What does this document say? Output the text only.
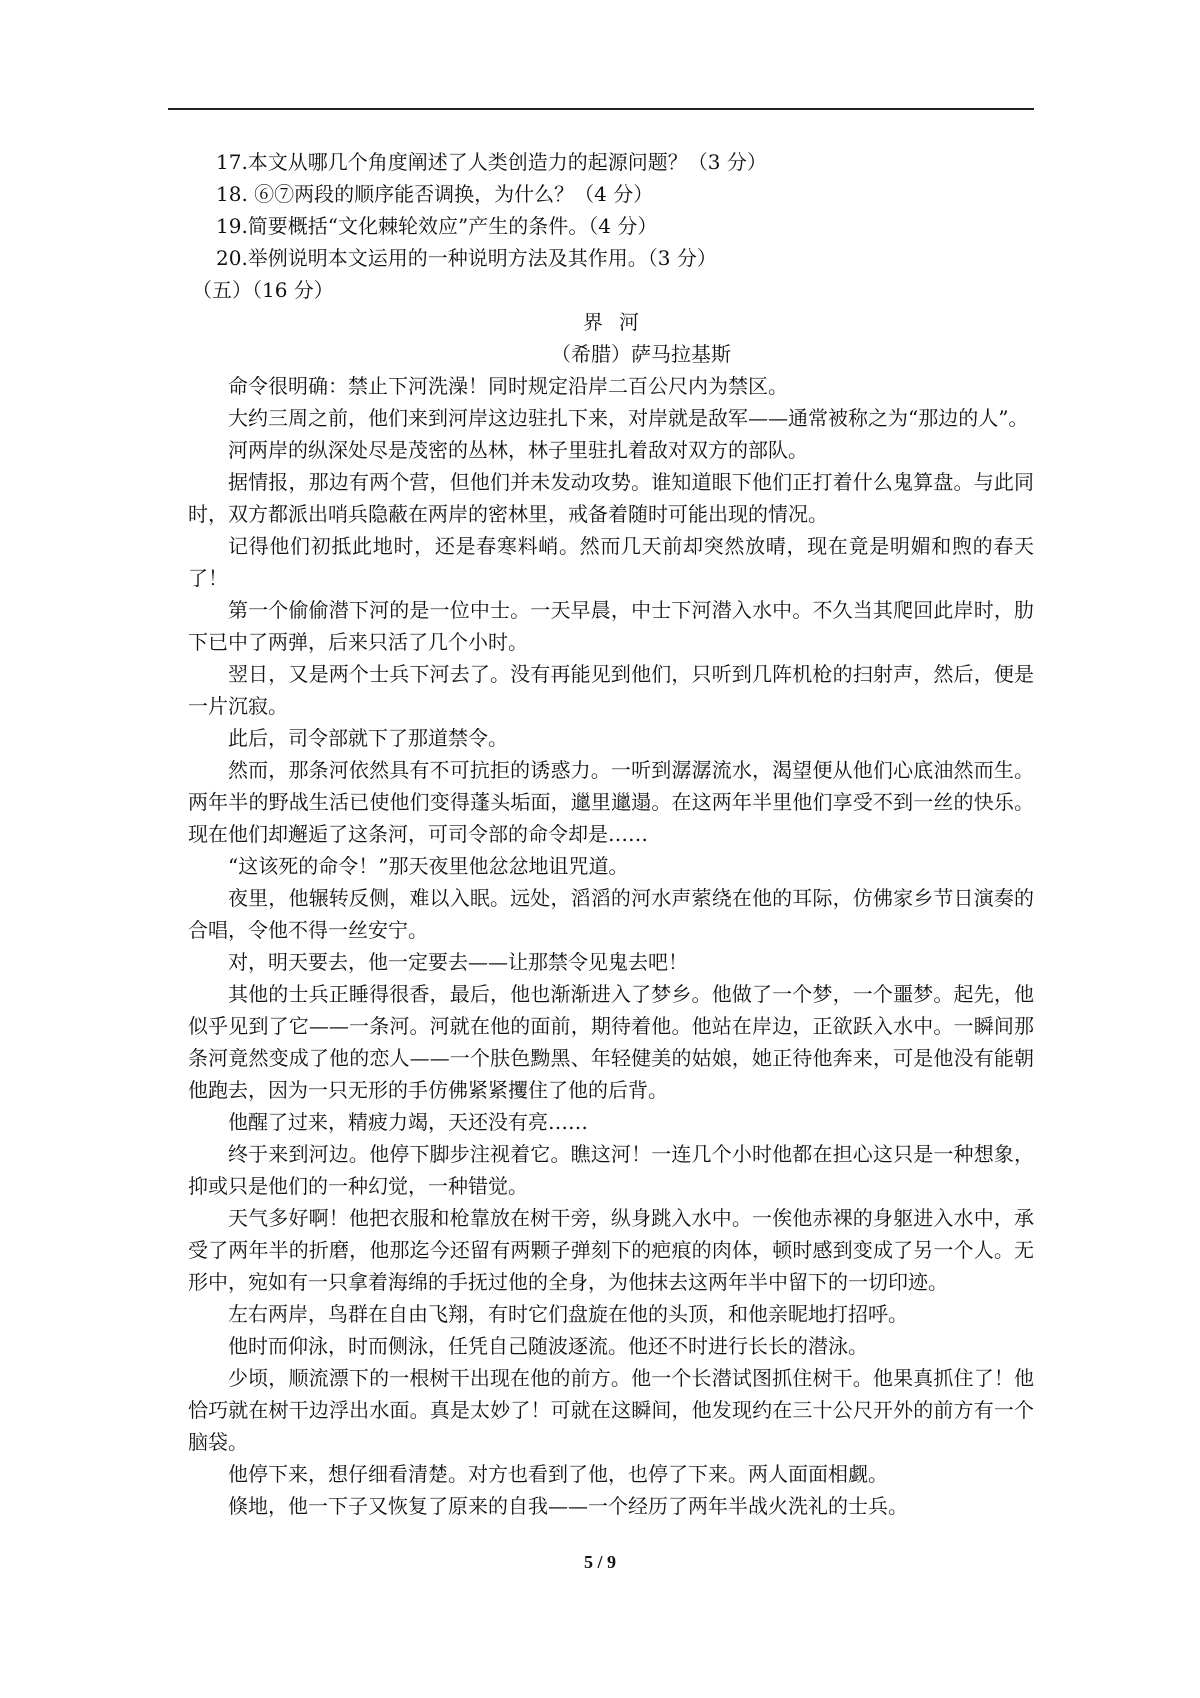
17.本文从哪几个角度阐述了人类创造力的起源问题？（3 分）

18. ⑥⑦两段的顺序能否调换，为什么？（4 分）

19.简要概括“文化棘轮效应”产生的条件。（4 分）

20.举例说明本文运用的一种说明方法及其作用。（3 分）

（五）（16 分）

界河

（希腊）萨马拉基斯

命令很明确：禁止下河洗澡！同时规定沿岸二百公尺内为禁区。

大约三周之前，他们来到河岸这边驻扎下来，对岸就是敌军——通常被称之为“那边的人”。

河两岸的纵深处尽是茂密的丛林，林子里驻扎着敌对双方的部队。

据情报，那边有两个营，但他们并未发动攻势。谁知道眼下他们正打着什么鬼算盘。与此同时，双方都派出哨兵隐蔽在两岸的密林里，戒备着随时可能出现的情况。

记得他们初抵此地时，还是春寒料峭。然而几天前却突然放晴，现在竟是明媚和煦的春天了！

第一个偷偷潜下河的是一位中士。一天早晨，中士下河潜入水中。不久当其爬回此岸时，肋下已中了两弹，后来只活了几个小时。

翌日，又是两个士兵下河去了。没有再能见到他们，只听到几阵机枪的扫射声，然后，便是一片沉寂。

此后，司令部就下了那道禁令。

然而，那条河依然具有不可抗拒的诱惑力。一听到潺潺流水，渴望便从他们心底油然而生。两年半的野战生活已使他们变得蓬头垢面，邋里邋遢。在这两年半里他们享受不到一丝的快乐。现在他们却邂逅了这条河，可司令部的命令却是……

“这该死的命令！”那天夜里他忿忿地诅咒道。

夜里，他辗转反侧，难以入眠。远处，滔滔的河水声萦绕在他的耳际，仿佛家乡节日演奏的合唱，令他不得一丝安宁。

对，明天要去，他一定要去——让那禁令见鬼去吧！

其他的士兵正睡得很香，最后，他也渐渐进入了梦乡。他做了一个梦，一个噩梦。起先，他似乎见到了它——一条河。河就在他的面前，期待着他。他站在岸边，正欲跃入水中。一瞬间那条河竟然变成了他的恋人——一个肤色黝黑、年轻健美的姑娘，她正待他奔来，可是他没有能朝他跑去，因为一只无形的手仿佛紧紧攫住了他的后背。

他醒了过来，精疲力竭，天还没有亮……

终于来到河边。他停下脚步注视着它。瞧这河！一连几个小时他都在担心这只是一种想象，抑或只是他们的一种幻觉，一种错觉。

天气多好啊！他把衣服和枪靠放在树干旁，纵身跳入水中。一俟他赤裸的身躯进入水中，承受了两年半的折磨，他那迄今还留有两颗子弹刻下的疤痕的肉体，顿时感到变成了另一个人。无形中，宛如有一只拿着海绵的手抚过他的全身，为他抹去这两年半中留下的一切印迹。

左右两岸，鸟群在自由飞翔，有时它们盘旋在他的头顶，和他亲昵地打招呼。

他时而仰泳，时而侧泳，任凭自己随波逐流。他还不时进行长长的潜泳。

少顷，顺流漂下的一根树干出现在他的前方。他一个长潜试图抓住树干。他果真抓住了！他恰巧就在树干边浮出水面。真是太妙了！可就在这瞬间，他发现约在三十公尺开外的前方有一个脑袋。

他停下来，想仔细看清楚。对方也看到了他，也停了下来。两人面面相觑。

倏地，他一下子又恢复了原来的自我——一个经历了两年半战火洗礼的士兵。

5 / 9
